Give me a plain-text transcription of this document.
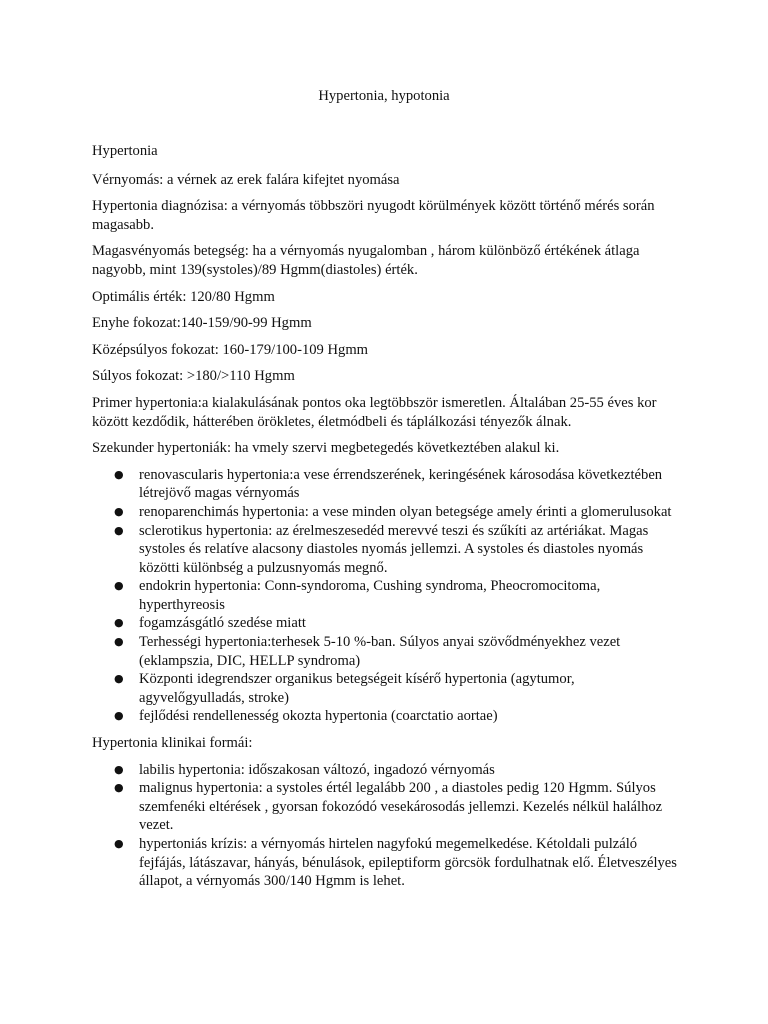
Hypertonia, hypotonia

Hypertonia

Vérnyomás: a vérnek az erek falára kifejtet nyomása

Hypertonia diagnózisa: a vérnyomás többszöri nyugodt körülmények között történő mérés során magasabb.

Magasvényomás betegség: ha a vérnyomás nyugalomban , három különböző értékének átlaga nagyobb, mint 139(systoles)/89 Hgmm(diastoles) érték.

Optimális érték: 120/80 Hgmm

Enyhe fokozat:140-159/90-99 Hgmm

Középsúlyos fokozat: 160-179/100-109 Hgmm

Súlyos fokozat: >180/>110 Hgmm

Primer hypertonia:a kialakulásának pontos oka legtöbbször ismeretlen. Általában 25-55 éves kor között kezdődik, hátterében örökletes, életmódbeli és táplálkozási tényezők álnak.

Szekunder hypertoniák: ha vmely szervi megbetegedés következtében alakul ki.

● renovascularis hypertonia:a vese érrendszerének, keringésének károsodása következtében létrejövő magas vérnyomás
● renoparenchimás hypertonia: a vese minden olyan betegsége amely érinti a glomerulusokat
● sclerotikus hypertonia: az érelmeszesedéd merevvé teszi és szűkíti az artériákat. Magas systoles és relatíve alacsony diastoles nyomás jellemzi. A systoles és diastoles nyomás közötti különbség a pulzusnyomás megnő.
● endokrin hypertonia: Conn-syndoroma, Cushing syndroma, Pheocromocitoma, hyperthyreosis
● fogamzásgátló szedése miatt
● Terhességi hypertonia:terhesek 5-10 %-ban. Súlyos anyai szövődményekhez vezet (eklampszia, DIC, HELLP syndroma)
● Központi idegrendszer organikus betegségeit kísérő hypertonia (agytumor, agyvelőgyulladás, stroke)
● fejlődési rendellenesség okozta hypertonia (coarctatio aortae)

Hypertonia klinikai formái:

● labilis hypertonia: időszakosan változó, ingadozó vérnyomás
● malignus hypertonia: a systoles értél legalább 200 , a diastoles pedig 120 Hgmm. Súlyos szemfenéki eltérések , gyorsan fokozódó vesekárosodás jellemzi. Kezelés nélkül halálhoz vezet.
● hypertoniás krízis: a vérnyomás hirtelen nagyfokú megemelkedése. Kétoldali pulzáló fejfájás, látászavar, hányás, bénulások, epileptiform görcsök fordulhatnak elő. Életveszélyes állapot, a vérnyomás 300/140 Hgmm is lehet.
